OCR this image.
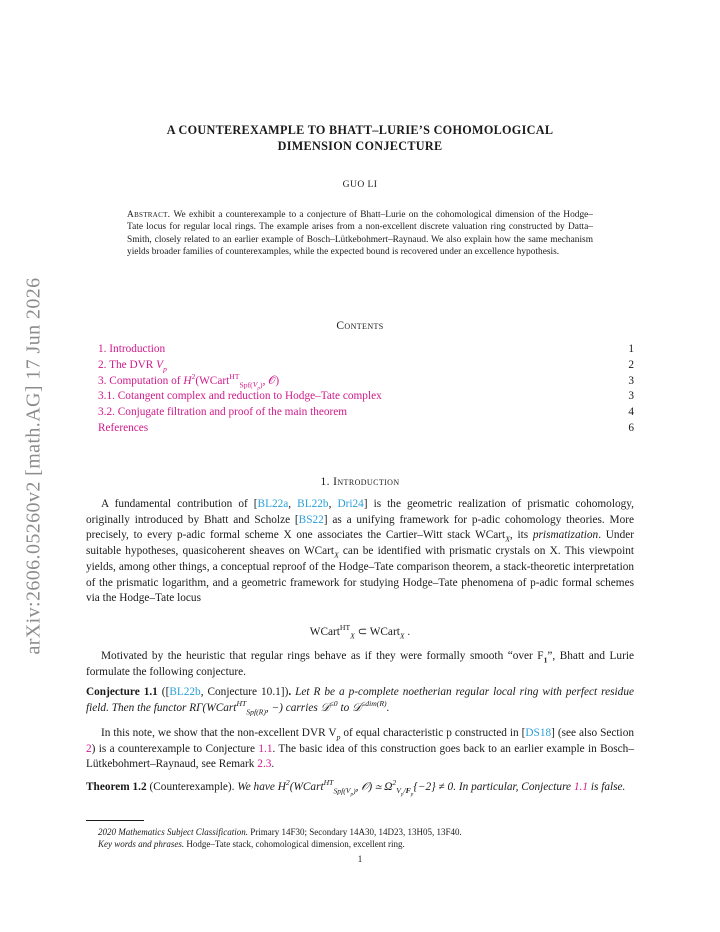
arXiv:2606.05260v2 [math.AG] 17 Jun 2026
A COUNTEREXAMPLE TO BHATT–LURIE’S COHOMOLOGICAL
DIMENSION CONJECTURE
GUO LI
Abstract. We exhibit a counterexample to a conjecture of Bhatt–Lurie on the cohomological dimension of the Hodge–Tate locus for regular local rings. The example arises from a non-excellent discrete valuation ring constructed by Datta–Smith, closely related to an earlier example of Bosch–Lütkebohmert–Raynaud. We also explain how the same mechanism yields broader families of counterexamples, while the expected bound is recovered under an excellence hypothesis.
Contents
1. Introduction	1
2. The DVR $V_p$	2
3. Computation of $H^2(WCart^{HT}_{Spf(V_p)}$, 𝒪)	3
3.1. Cotangent complex and reduction to Hodge–Tate complex	3
3.2. Conjugate filtration and proof of the main theorem	4
References	6
1. Introduction
A fundamental contribution of [BL22a, BL22b, Dri24] is the geometric realization of prismatic cohomology, originally introduced by Bhatt and Scholze [BS22] as a unifying framework for p-adic cohomology theories. More precisely, to every p-adic formal scheme X one associates the Cartier–Witt stack WCart$_X$, its prismatization. Under suitable hypotheses, quasicoherent sheaves on WCart$_X$ can be identified with prismatic crystals on X. This viewpoint yields, among other things, a conceptual reproof of the Hodge–Tate comparison theorem, a stack-theoretic interpretation of the prismatic logarithm, and a geometric framework for studying Hodge–Tate phenomena of p-adic formal schemes via the Hodge–Tate locus
WCart$^{HT}_X$ ⊂ WCart$_X$ .
Motivated by the heuristic that regular rings behave as if they were formally smooth “over $F_1$”, Bhatt and Lurie formulate the following conjecture.
Conjecture 1.1 ([BL22b, Conjecture 10.1]). Let R be a p-complete noetherian regular local ring with perfect residue field. Then the functor RΓ(WCart$^{HT}_{Spf(R)}$, −) carries 𝒟$^{\le 0}$ to 𝒟$^{\le dim(R)}$.
In this note, we show that the non-excellent DVR $V_p$ of equal characteristic p constructed in [DS18] (see also Section 2) is a counterexample to Conjecture 1.1. The basic idea of this construction goes back to an earlier example in Bosch–Lütkebohmert–Raynaud, see Remark 2.3.
Theorem 1.2 (Counterexample). We have $H^2(WCart^{HT}_{Spf(V_p)}$, 𝒪) ≃ $\Omega^2_{V_p/F_p}\{-2\} \ne 0$. In particular, Conjecture 1.1 is false.
2020 Mathematics Subject Classification. Primary 14F30; Secondary 14A30, 14D23, 13H05, 13F40.
Key words and phrases. Hodge–Tate stack, cohomological dimension, excellent ring.
1
